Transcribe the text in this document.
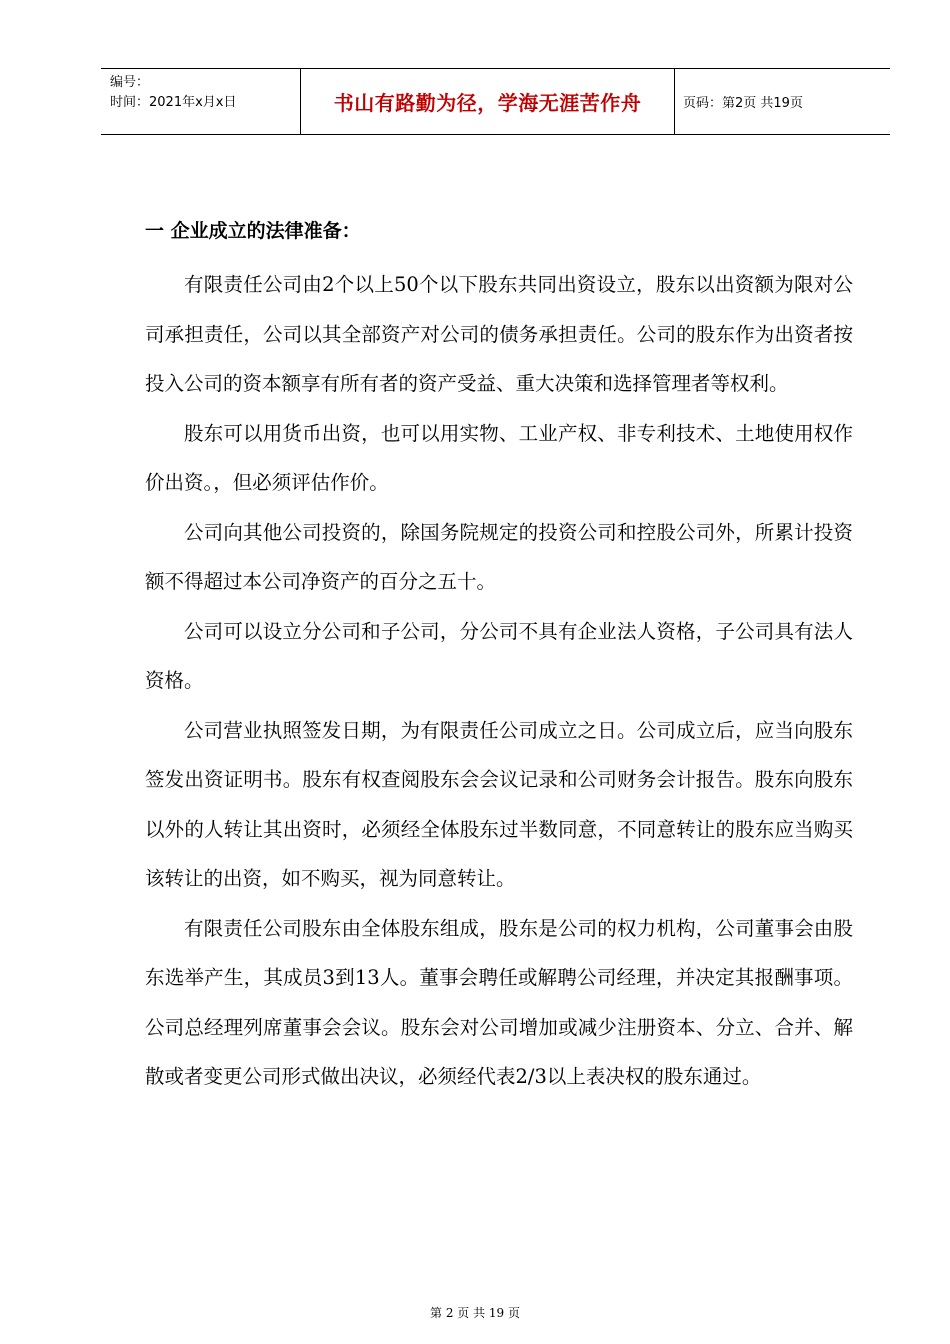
编号：
时间：2021年x月x日	书山有路勤为径，学海无涯苦作舟	页码：第2页 共19页
一 企业成立的法律准备：

有限责任公司由2个以上50个以下股东共同出资设立，股东以出资额为限对公司承担责任，公司以其全部资产对公司的债务承担责任。公司的股东作为出资者按投入公司的资本额享有所有者的资产受益、重大决策和选择管理者等权利。

股东可以用货币出资，也可以用实物、工业产权、非专利技术、土地使用权作价出资。，但必须评估作价。

公司向其他公司投资的，除国务院规定的投资公司和控股公司外，所累计投资额不得超过本公司净资产的百分之五十。

公司可以设立分公司和子公司，分公司不具有企业法人资格，子公司具有法人资格。

公司营业执照签发日期，为有限责任公司成立之日。公司成立后，应当向股东签发出资证明书。股东有权查阅股东会会议记录和公司财务会计报告。股东向股东以外的人转让其出资时，必须经全体股东过半数同意，不同意转让的股东应当购买该转让的出资，如不购买，视为同意转让。

有限责任公司股东由全体股东组成，股东是公司的权力机构，公司董事会由股东选举产生，其成员3到13人。董事会聘任或解聘公司经理，并决定其报酬事项。公司总经理列席董事会会议。股东会对公司增加或减少注册资本、分立、合并、解散或者变更公司形式做出决议，必须经代表2/3以上表决权的股东通过。

第 2 页 共 19 页
